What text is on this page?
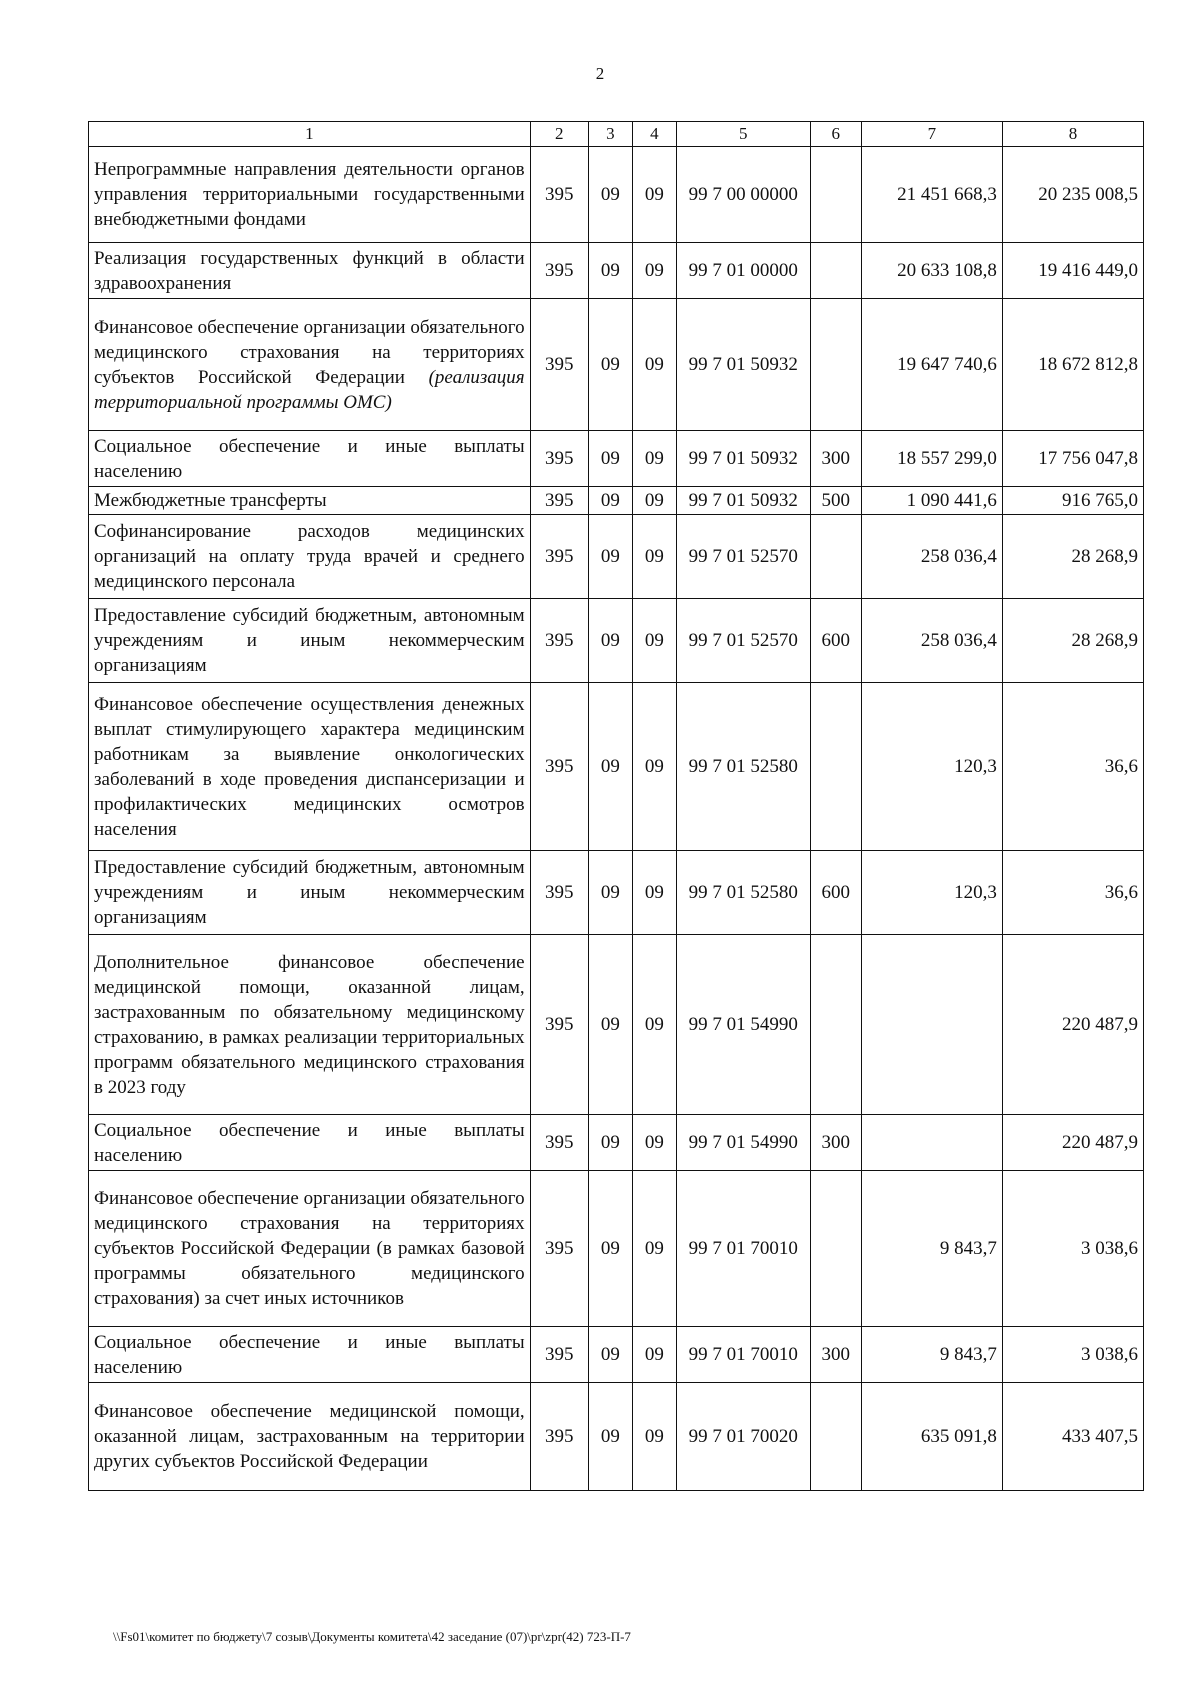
2
1	2	3	4	5	6	7	8
Непрограммные направления деятельности органов управления территориальными государственными внебюджетными фондами	395	09	09	99 7 00 00000		21 451 668,3	20 235 008,5
Реализация государственных функций в области здравоохранения	395	09	09	99 7 01 00000		20 633 108,8	19 416 449,0
Финансовое обеспечение организации обязательного медицинского страхования на территориях субъектов Российской Федерации (реализация территориальной программы ОМС)	395	09	09	99 7 01 50932		19 647 740,6	18 672 812,8
Социальное обеспечение и иные выплаты населению	395	09	09	99 7 01 50932	300	18 557 299,0	17 756 047,8
Межбюджетные трансферты	395	09	09	99 7 01 50932	500	1 090 441,6	916 765,0
Софинансирование расходов медицинских организаций на оплату труда врачей и среднего медицинского персонала	395	09	09	99 7 01 52570		258 036,4	28 268,9
Предоставление субсидий бюджетным, автономным учреждениям и иным некоммерческим организациям	395	09	09	99 7 01 52570	600	258 036,4	28 268,9
Финансовое обеспечение осуществления денежных выплат стимулирующего характера медицинским работникам за выявление онкологических заболеваний в ходе проведения диспансеризации и профилактических медицинских осмотров населения	395	09	09	99 7 01 52580		120,3	36,6
Предоставление субсидий бюджетным, автономным учреждениям и иным некоммерческим организациям	395	09	09	99 7 01 52580	600	120,3	36,6
Дополнительное финансовое обеспечение медицинской помощи, оказанной лицам, застрахованным по обязательному медицинскому страхованию, в рамках реализации территориальных программ обязательного медицинского страхования в 2023 году	395	09	09	99 7 01 54990			220 487,9
Социальное обеспечение и иные выплаты населению	395	09	09	99 7 01 54990	300		220 487,9
Финансовое обеспечение организации обязательного медицинского страхования на территориях субъектов Российской Федерации (в рамках базовой программы обязательного медицинского страхования) за счет иных источников	395	09	09	99 7 01 70010		9 843,7	3 038,6
Социальное обеспечение и иные выплаты населению	395	09	09	99 7 01 70010	300	9 843,7	3 038,6
Финансовое обеспечение медицинской помощи, оказанной лицам, застрахованным на территории других субъектов Российской Федерации	395	09	09	99 7 01 70020		635 091,8	433 407,5
\\Fs01\комитет по бюджету\7 созыв\Документы комитета\42 заседание (07)\pr\zpr(42) 723-П-7
